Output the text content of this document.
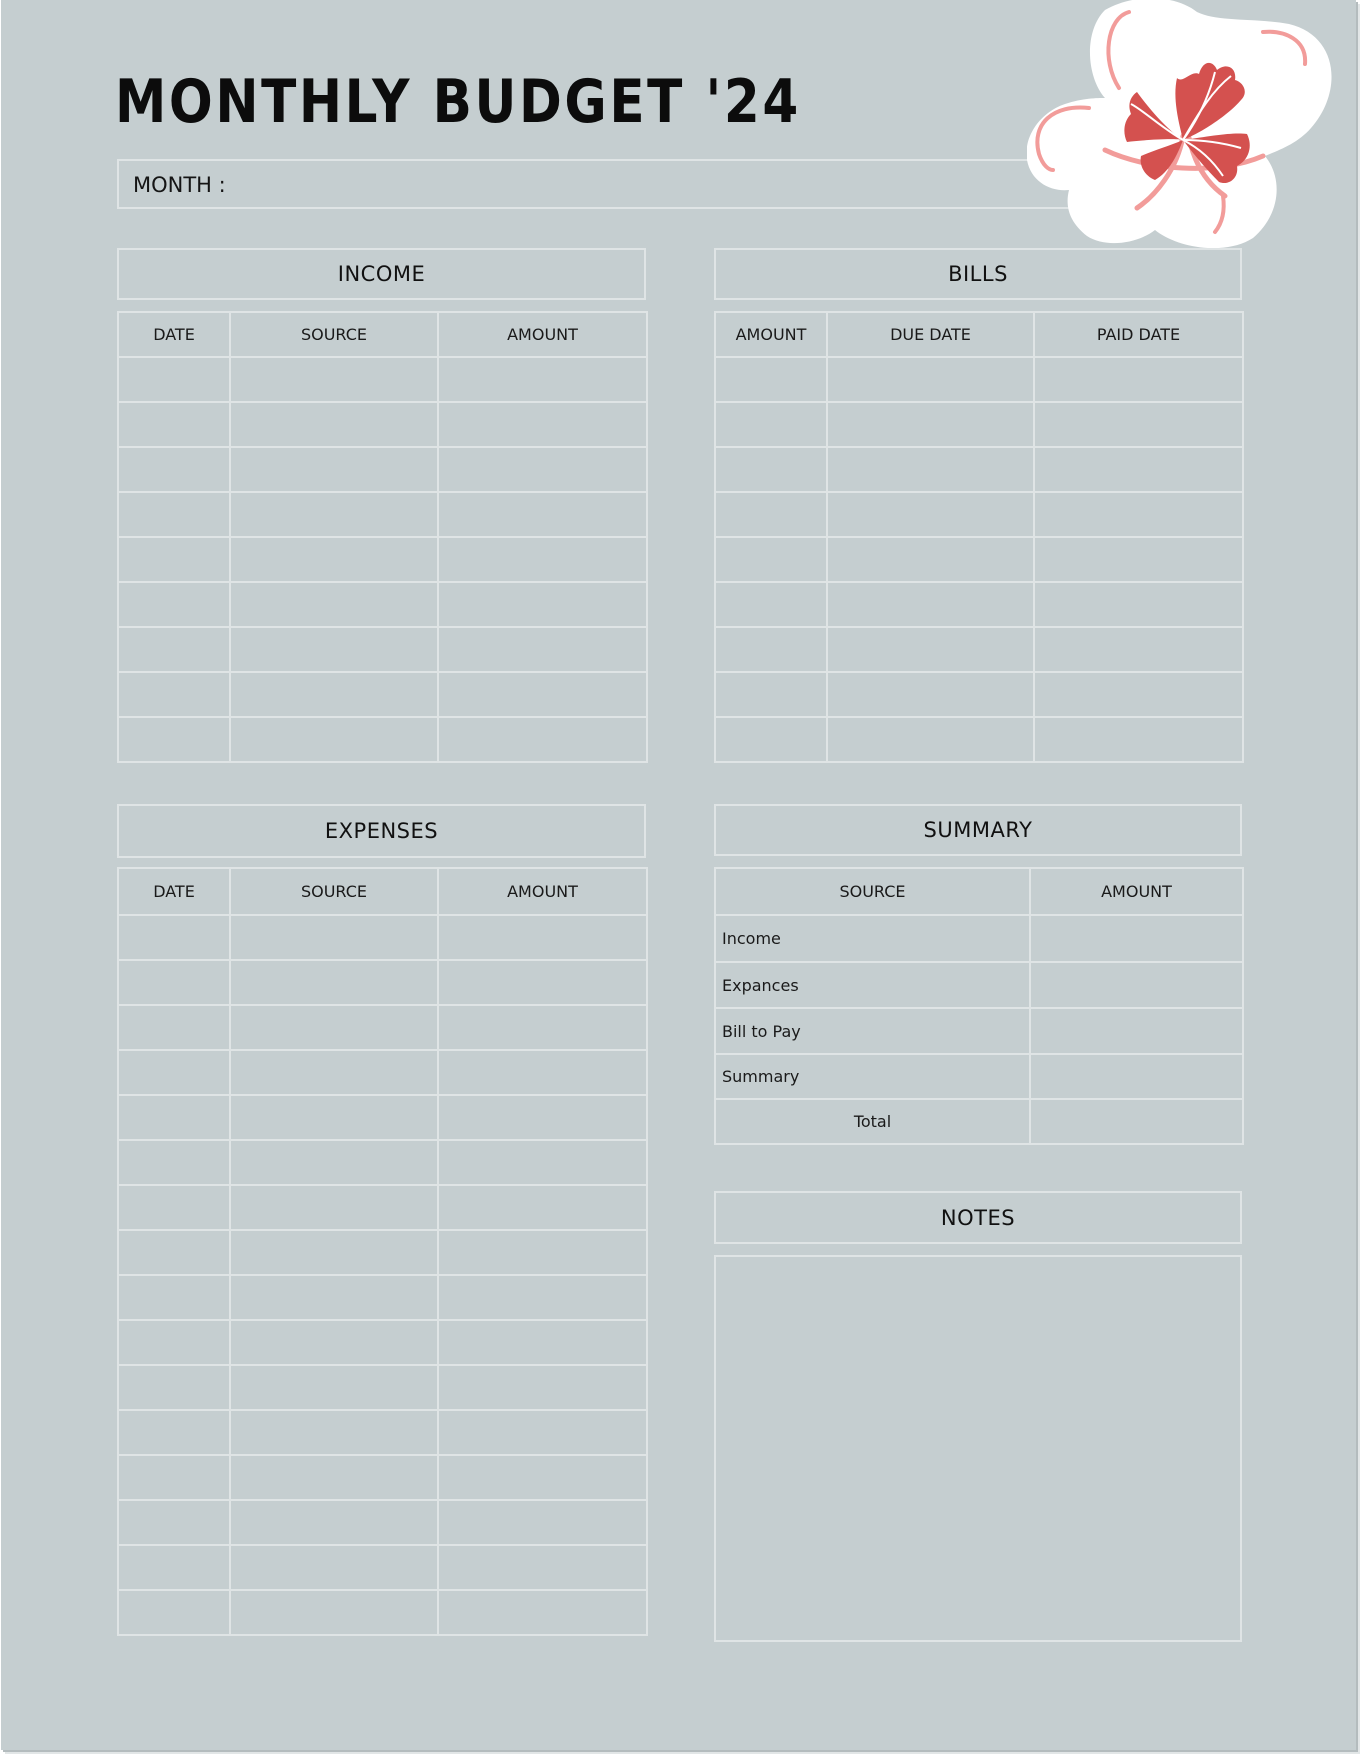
MONTHLY BUDGET '24
MONTH :
INCOME
DATE	SOURCE	AMOUNT

BILLS
AMOUNT	DUE DATE	PAID DATE

EXPENSES
DATE	SOURCE	AMOUNT

SUMMARY
SOURCE	AMOUNT
Income	
Expances	
Bill to Pay	
Summary	
Total	
NOTES
